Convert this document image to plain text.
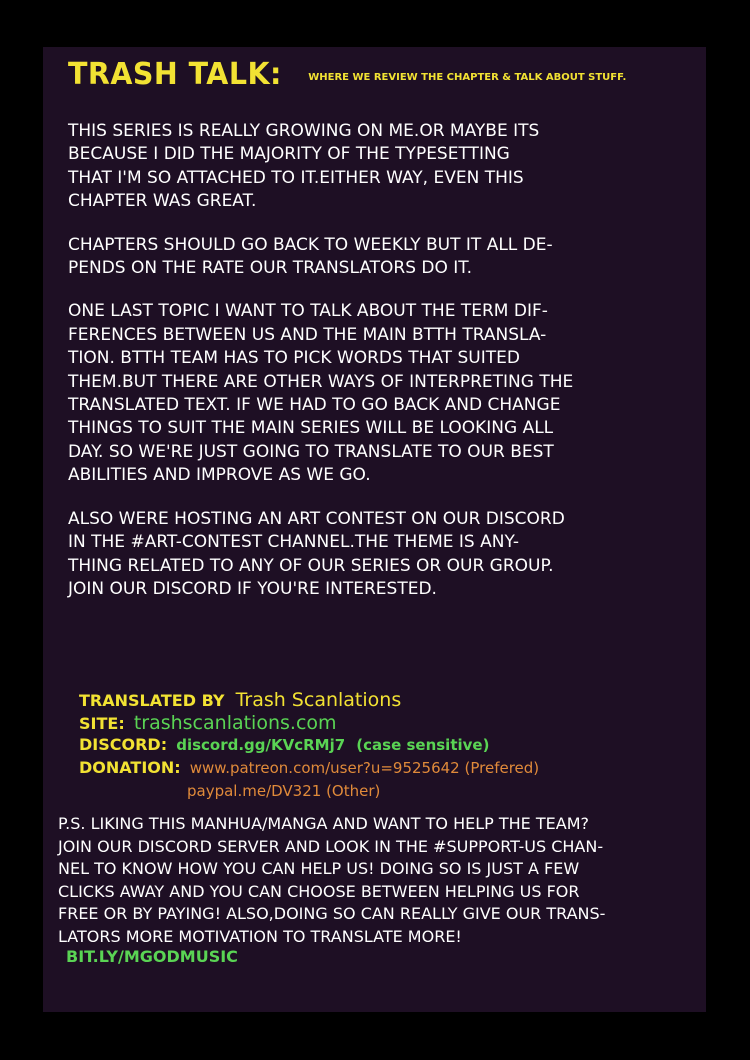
TRASH TALK:	$^{WHERE WE REVIEW THE CHAPTER \& TALK ABOUT STUFF.}$

THIS SERIES IS REALLY GROWING ON ME.OR MAYBE ITS
BECAUSE I DID THE MAJORITY OF THE TYPESETTING
THAT I'M SO ATTACHED TO IT.EITHER WAY, EVEN THIS
CHAPTER WAS GREAT.

CHAPTERS SHOULD GO BACK TO WEEKLY BUT IT ALL DE-
PENDS ON THE RATE OUR TRANSLATORS DO IT.

ONE LAST TOPIC I WANT TO TALK ABOUT THE TERM DIF-
FERENCES BETWEEN US AND THE MAIN BTTH TRANSLA-
TION. BTTH TEAM HAS TO PICK WORDS THAT SUITED
THEM.BUT THERE ARE OTHER WAYS OF INTERPRETING THE
TRANSLATED TEXT. IF WE HAD TO GO BACK AND CHANGE
THINGS TO SUIT THE MAIN SERIES WILL BE LOOKING ALL
DAY. SO WE'RE JUST GOING TO TRANSLATE TO OUR BEST
ABILITIES AND IMPROVE AS WE GO.

ALSO WERE HOSTING AN ART CONTEST ON OUR DISCORD
IN THE #ART-CONTEST CHANNEL.THE THEME IS ANY-
THING RELATED TO ANY OF OUR SERIES OR OUR GROUP.
JOIN OUR DISCORD IF YOU'RE INTERESTED.

TRANSLATED BY Trash Scanlations
SITE: trashscanlations.com
DISCORD: discord.gg/KVcRMj7 (case sensitive)
DONATION: www.patreon.com/user?u=9525642 (Prefered)
paypal.me/DV321 (Other)
P.S. LIKING THIS MANHUA/MANGA AND WANT TO HELP THE TEAM?
JOIN OUR DISCORD SERVER AND LOOK IN THE #SUPPORT-US CHAN-
NEL TO KNOW HOW YOU CAN HELP US! DOING SO IS JUST A FEW
CLICKS AWAY AND YOU CAN CHOOSE BETWEEN HELPING US FOR
FREE OR BY PAYING! ALSO,DOING SO CAN REALLY GIVE OUR TRANS-
LATORS MORE MOTIVATION TO TRANSLATE MORE!
BIT.LY/MGODMUSIC
